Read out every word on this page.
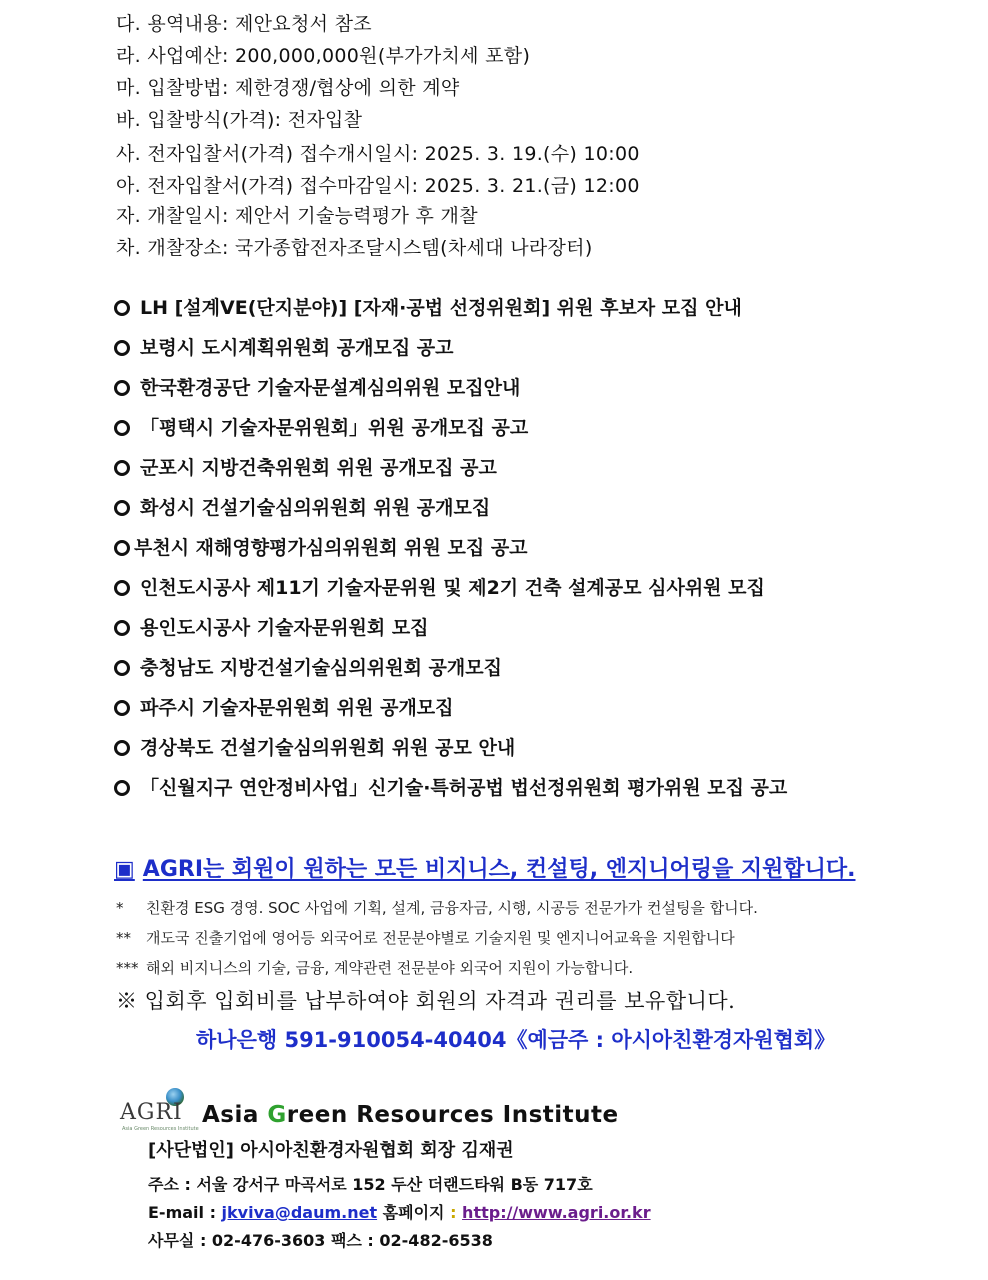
다. 용역내용: 제안요청서 참조
라. 사업예산: 200,000,000원(부가가치세 포함)
마. 입찰방법: 제한경쟁/협상에 의한 계약
바. 입찰방식(가격): 전자입찰
사. 전자입찰서(가격) 접수개시일시: 2025. 3. 19.(수) 10:00
아. 전자입찰서(가격) 접수마감일시: 2025. 3. 21.(금) 12:00
자. 개찰일시: 제안서 기술능력평가 후 개찰
차. 개찰장소: 국가종합전자조달시스템(차세대 나라장터)
LH [설계VE(단지분야)] [자재·공법 선정위원회] 위원 후보자 모집 안내
보령시 도시계획위원회 공개모집 공고
한국환경공단 기술자문설계심의위원 모집안내
「평택시 기술자문위원회」위원 공개모집 공고
군포시 지방건축위원회 위원 공개모집 공고
화성시 건설기술심의위원회 위원 공개모집
부천시 재해영향평가심의위원회 위원 모집 공고
인천도시공사 제11기 기술자문위원 및 제2기 건축 설계공모 심사위원 모집
용인도시공사 기술자문위원회 모집
충청남도 지방건설기술심의위원회 공개모집
파주시 기술자문위원회 위원 공개모집
경상북도 건설기술심의위원회 위원 공모 안내
「신월지구 연안정비사업」신기술·특허공법 법선정위원회 평가위원 모집 공고
▣ AGRI는 회원이 원하는 모든 비지니스, 컨설팅, 엔지니어링을 지원합니다.
* 친환경 ESG 경영. SOC 사업에 기획, 설계, 금융자금, 시행, 시공등 전문가가 컨설팅을 합니다.
** 개도국 진출기업에 영어등 외국어로 전문분야별로 기술지원 및 엔지니어교육을 지원합니다
*** 해외 비지니스의 기술, 금융, 계약관련 전문분야 외국어 지원이 가능합니다.
※ 입회후 입회비를 납부하여야 회원의 자격과 권리를 보유합니다.
하나은행 591-910054-40404《예금주 : 아시아친환경자원협회》
AGRI
Asia Green Resources Institute
Asia Green Resources Institute
[사단법인] 아시아친환경자원협회 회장 김재권
주소 : 서울 강서구 마곡서로 152 두산 더랜드타워 B동 717호
E-mail : jkviva@daum.net 홈페이지 : http://www.agri.or.kr
사무실 : 02-476-3603 팩스 : 02-482-6538
